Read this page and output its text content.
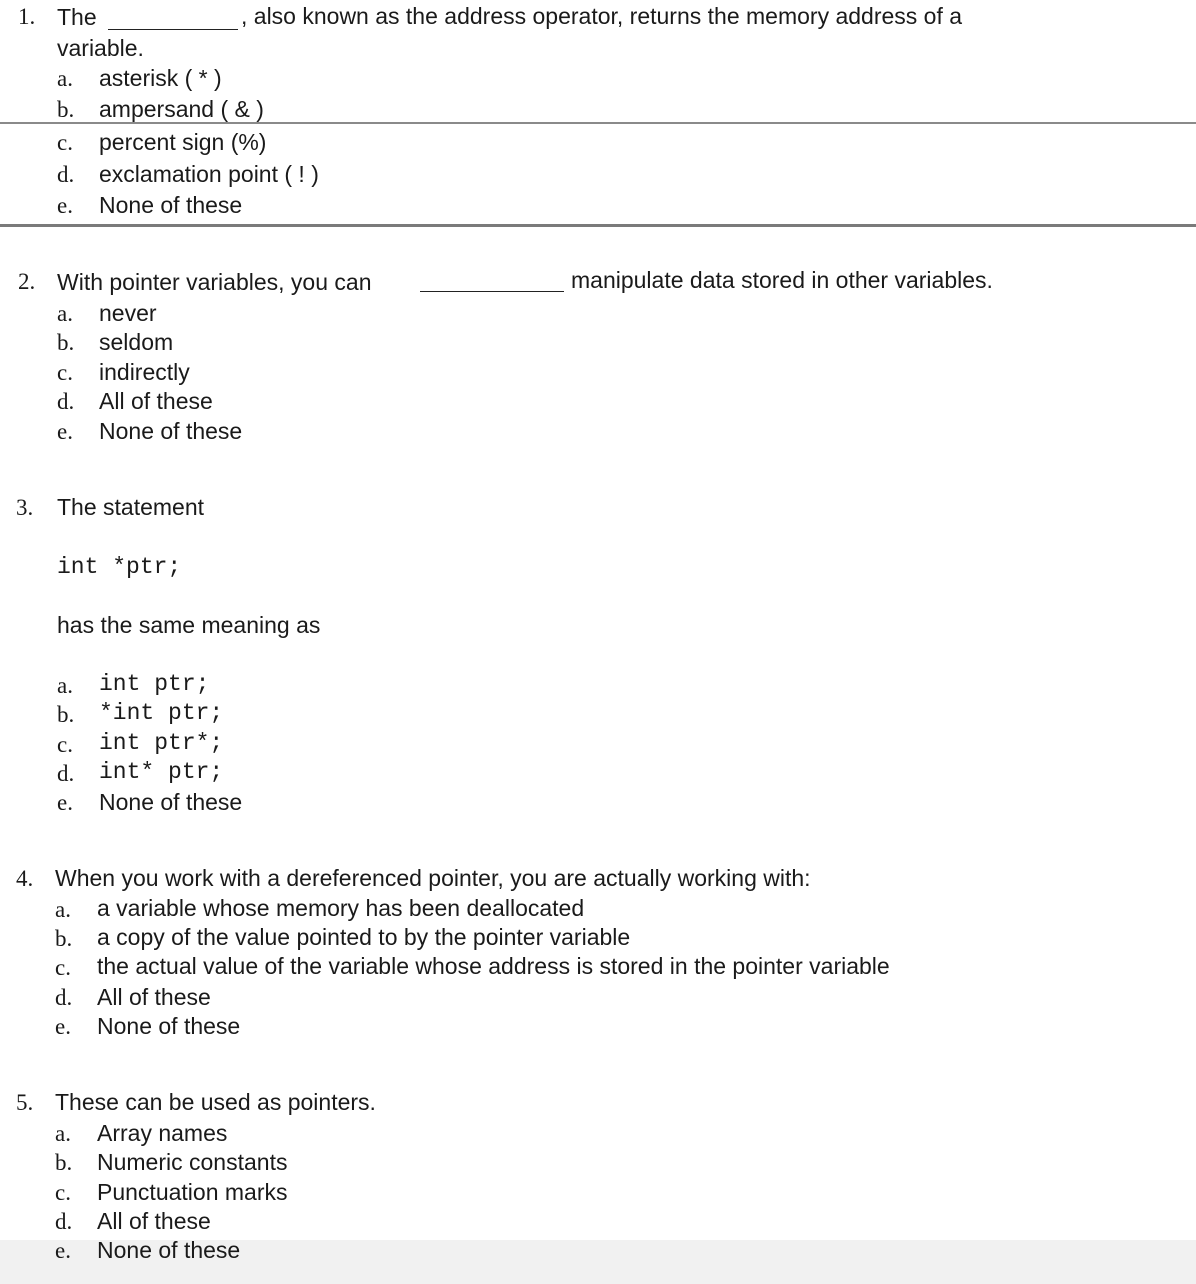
1. The	, also known as the address operator, returns the memory address of a
variable.
a. asterisk ( * )
b. ampersand ( & )
c. percent sign (%)
d. exclamation point ( ! )
e. None of these
2. With pointer variables, you can	manipulate data stored in other variables.
a. never
b. seldom
c. indirectly
d. All of these
e. None of these
3. The statement
int *ptr;
has the same meaning as
a. int ptr;
b. *int ptr;
c. int ptr*;
d. int* ptr;
e. None of these
4. When you work with a dereferenced pointer, you are actually working with:
a. a variable whose memory has been deallocated
b. a copy of the value pointed to by the pointer variable
c. the actual value of the variable whose address is stored in the pointer variable
d. All of these
e. None of these
5. These can be used as pointers.
a. Array names
b. Numeric constants
c. Punctuation marks
d. All of these
e. None of these
